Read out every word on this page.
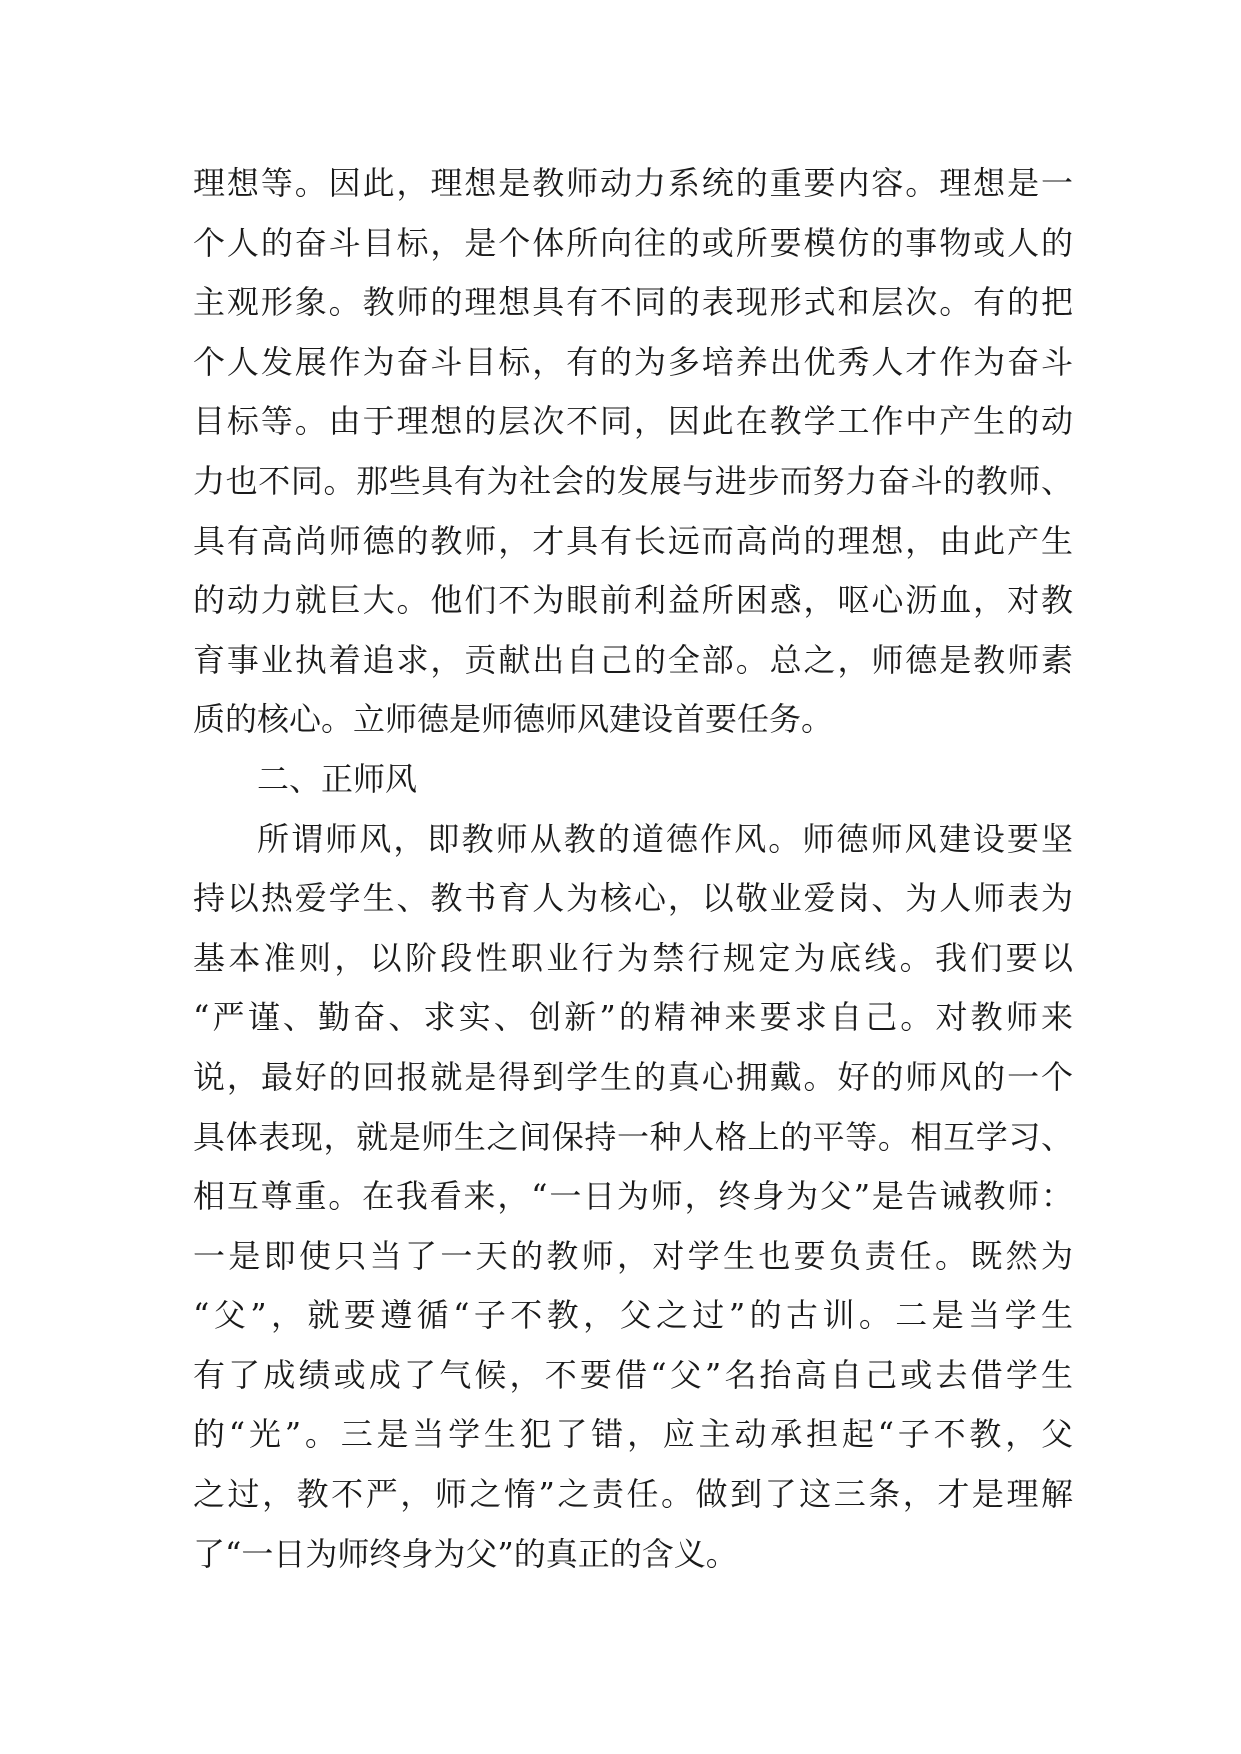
理想等。因此，理想是教师动力系统的重要内容。理想是一
个人的奋斗目标，是个体所向往的或所要模仿的事物或人的
主观形象。教师的理想具有不同的表现形式和层次。有的把
个人发展作为奋斗目标，有的为多培养出优秀人才作为奋斗
目标等。由于理想的层次不同，因此在教学工作中产生的动
力也不同。那些具有为社会的发展与进步而努力奋斗的教师、
具有高尚师德的教师，才具有长远而高尚的理想，由此产生
的动力就巨大。他们不为眼前利益所困惑，呕心沥血，对教
育事业执着追求，贡献出自己的全部。总之，师德是教师素
质的核心。立师德是师德师风建设首要任务。
二、正师风
所谓师风，即教师从教的道德作风。师德师风建设要坚
持以热爱学生、教书育人为核心，以敬业爱岗、为人师表为
基本准则，以阶段性职业行为禁行规定为底线。我们要以
“严谨、勤奋、求实、创新”的精神来要求自己。对教师来
说，最好的回报就是得到学生的真心拥戴。好的师风的一个
具体表现，就是师生之间保持一种人格上的平等。相互学习、
相互尊重。在我看来，“一日为师，终身为父”是告诫教师：
一是即使只当了一天的教师，对学生也要负责任。既然为
“父”，就要遵循“子不教，父之过”的古训。二是当学生
有了成绩或成了气候，不要借“父”名抬高自己或去借学生
的“光”。三是当学生犯了错，应主动承担起“子不教，父
之过，教不严，师之惰”之责任。做到了这三条，才是理解
了“一日为师终身为父”的真正的含义。
